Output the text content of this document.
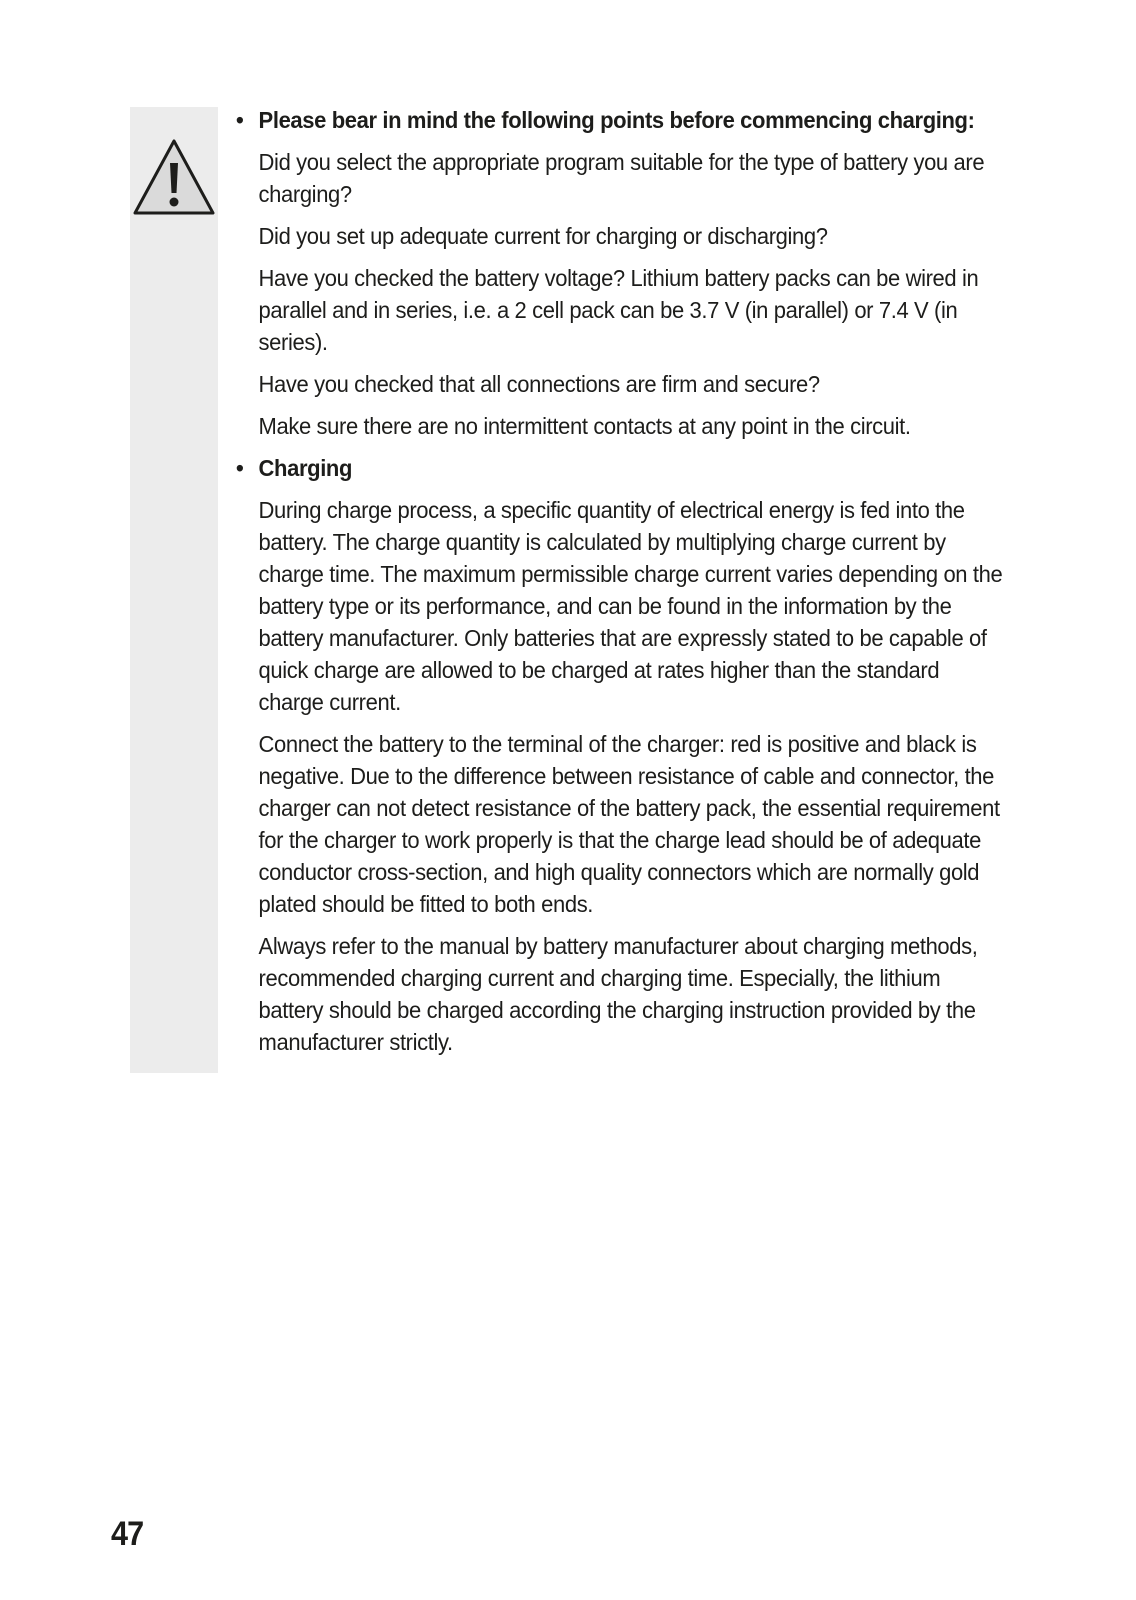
• Please bear in mind the following points before commencing charging:

Did you select the appropriate program suitable for the type of battery you are charging?

Did you set up adequate current for charging or discharging?

Have you checked the battery voltage? Lithium battery packs can be wired in parallel and in series, i.e. a 2 cell pack can be 3.7 V (in parallel) or 7.4 V (in series).

Have you checked that all connections are firm and secure?

Make sure there are no intermittent contacts at any point in the circuit.

• Charging

During charge process, a specific quantity of electrical energy is fed into the battery. The charge quantity is calculated by multiplying charge current by charge time. The maximum permissible charge current varies depending on the battery type or its performance, and can be found in the information by the battery manufacturer. Only batteries that are expressly stated to be capable of quick charge are allowed to be charged at rates higher than the standard charge current.

Connect the battery to the terminal of the charger: red is positive and black is negative. Due to the difference between resistance of cable and connector, the charger can not detect resistance of the battery pack, the essential requirement for the charger to work properly is that the charge lead should be of adequate conductor cross-section, and high quality connectors which are normally gold plated should be fitted to both ends.

Always refer to the manual by battery manufacturer about charging methods, recommended charging current and charging time. Especially, the lithium battery should be charged according the charging instruction provided by the manufacturer strictly.

47
